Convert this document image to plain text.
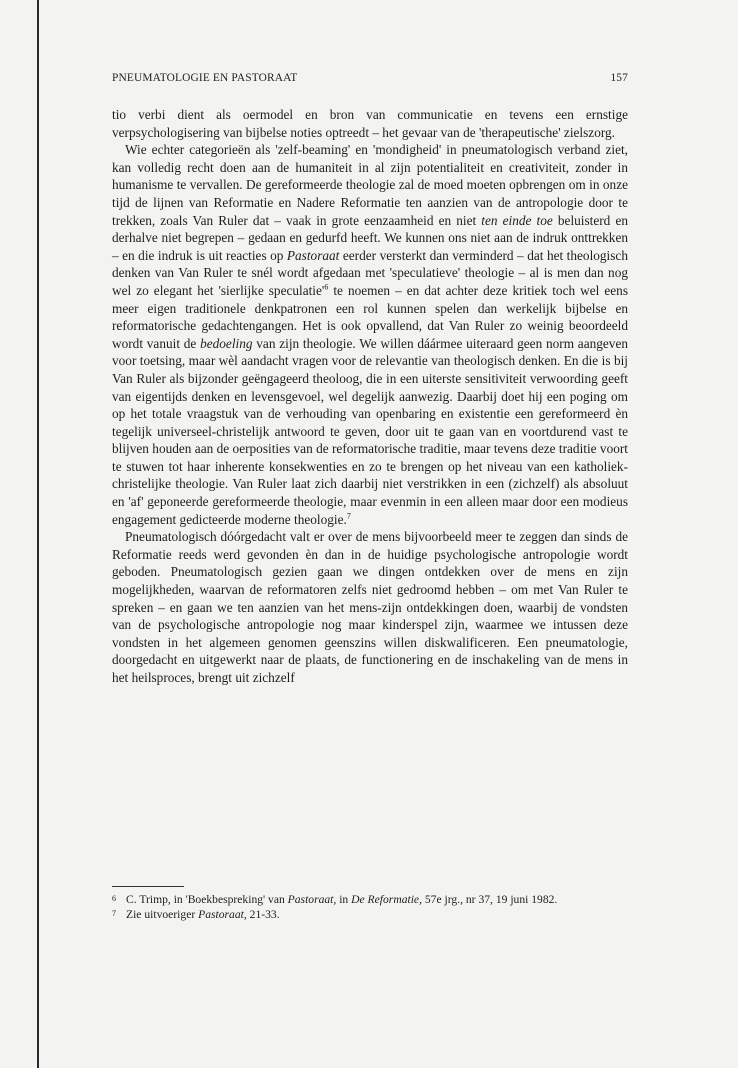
PNEUMATOLOGIE EN PASTORAAT	157

tio verbi dient als oermodel en bron van communicatie en tevens een ernstige verpsychologisering van bijbelse noties optreedt – het gevaar van de 'therapeutische' zielszorg.

Wie echter categorieën als 'zelf-beaming' en 'mondigheid' in pneumatologisch verband ziet, kan volledig recht doen aan de humaniteit in al zijn potentialiteit en creativiteit, zonder in humanisme te vervallen. De gereformeerde theologie zal de moed moeten opbrengen om in onze tijd de lijnen van Reformatie en Nadere Reformatie ten aanzien van de antropologie door te trekken, zoals Van Ruler dat – vaak in grote eenzaamheid en niet ten einde toe beluisterd en derhalve niet begrepen – gedaan en gedurfd heeft. We kunnen ons niet aan de indruk onttrekken – en die indruk is uit reacties op Pastoraat eerder versterkt dan verminderd – dat het theologisch denken van Van Ruler te snél wordt afgedaan met 'speculatieve' theologie – al is men dan nog wel zo elegant het 'sierlijke $speculatie'^6$ te noemen – en dat achter deze kritiek toch wel eens meer eigen traditionele denkpatronen een rol kunnen spelen dan werkelijk bijbelse en reformatorische gedachtengangen. Het is ook opvallend, dat Van Ruler zo weinig beoordeeld wordt vanuit de bedoeling van zijn theologie. We willen dáármee uiteraard geen norm aangeven voor toetsing, maar wèl aandacht vragen voor de relevantie van theologisch denken. En die is bij Van Ruler als bijzonder geëngageerd theoloog, die in een uiterste sensitiviteit verwoording geeft van eigentijds denken en levensgevoel, wel degelijk aanwezig. Daarbij doet hij een poging om op het totale vraagstuk van de verhouding van openbaring en existentie een gereformeerd èn tegelijk universeel-christelijk antwoord te geven, door uit te gaan van en voortdurend vast te blijven houden aan de oerposities van de reformatorische traditie, maar tevens deze traditie voort te stuwen tot haar inherente konsekwenties en zo te brengen op het niveau van een katholiek-christelijke theologie. Van Ruler laat zich daarbij niet verstrikken in een (zichzelf) als absoluut en 'af' geponeerde gereformeerde theologie, maar evenmin in een alleen maar door een modieus engagement gedicteerde moderne theologie.$^7$

Pneumatologisch dóórgedacht valt er over de mens bijvoorbeeld meer te zeggen dan sinds de Reformatie reeds werd gevonden èn dan in de huidige psychologische antropologie wordt geboden. Pneumatologisch gezien gaan we dingen ontdekken over de mens en zijn mogelijkheden, waarvan de reformatoren zelfs niet gedroomd hebben – om met Van Ruler te spreken – en gaan we ten aanzien van het mens-zijn ontdekkingen doen, waarbij de vondsten van de psychologische antropologie nog maar kinderspel zijn, waarmee we intussen deze vondsten in het algemeen genomen geenszins willen diskwalificeren. Een pneumatologie, doorgedacht en uitgewerkt naar de plaats, de functionering en de inschakeling van de mens in het heilsproces, brengt uit zichzelf

6 C. Trimp, in 'Boekbespreking' van Pastoraat, in De Reformatie, 57e jrg., nr 37, 19 juni 1982.
7 Zie uitvoeriger Pastoraat, 21-33.
